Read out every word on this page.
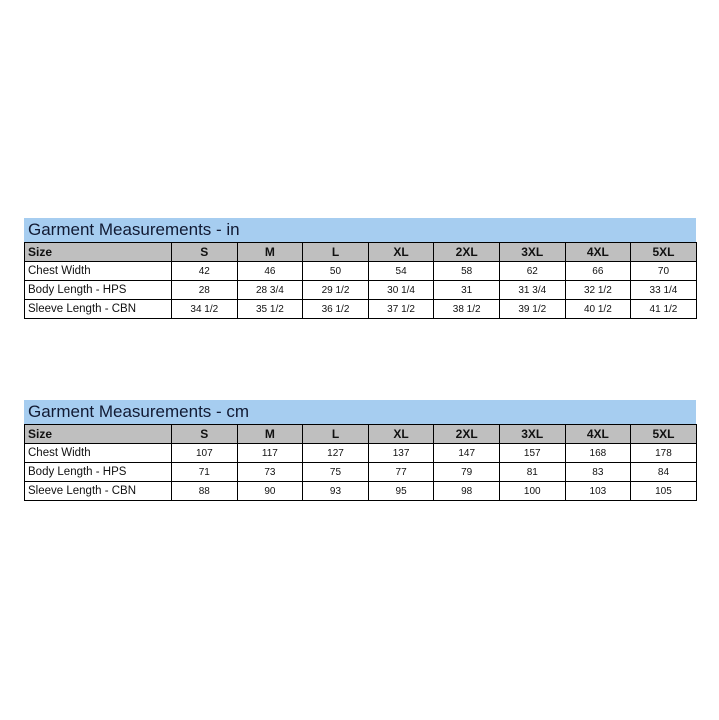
Garment Measurements - in
Size	S	M	L	XL	2XL	3XL	4XL	5XL
Chest Width	42	46	50	54	58	62	66	70
Body Length - HPS	28	28 3/4	29 1/2	30 1/4	31	31 3/4	32 1/2	33 1/4
Sleeve Length - CBN	34 1/2	35 1/2	36 1/2	37 1/2	38 1/2	39 1/2	40 1/2	41 1/2
Garment Measurements - cm
Size	S	M	L	XL	2XL	3XL	4XL	5XL
Chest Width	107	117	127	137	147	157	168	178
Body Length - HPS	71	73	75	77	79	81	83	84
Sleeve Length - CBN	88	90	93	95	98	100	103	105
